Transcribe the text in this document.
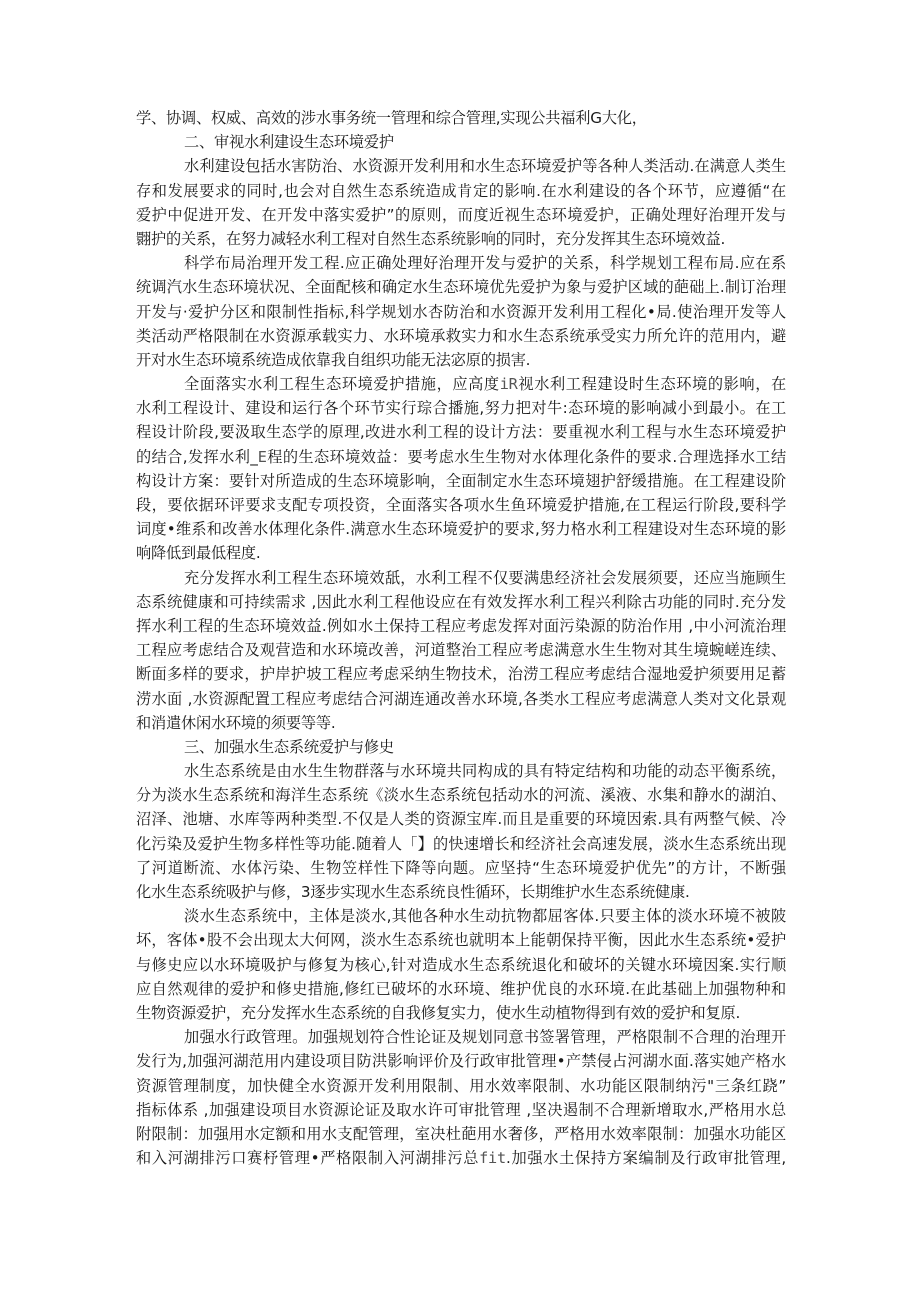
学、协调、权威、高效的涉水事务统一管理和综合管理,实现公共福利G大化，
二、审视水利建设生态环境爱护
水利建设包括水害防治、水资源开发利用和水生态环境爱护等各种人类活动.在满意人类生
存和发展要求的同时,也会对自然生态系统造成肯定的影响.在水利建设的各个环节，应遵循“在
爱护中促进开发、在开发中落实爱护”的原则，而度近视生态环境爱护，正确处理好治理开发与
翾护的关系，在努力减轻水利工程对自然生态系统影响的同时，充分发挥其生态环境效益.
科学布局治理开发工程.应正确处理好治理开发与爱护的关系，科学规划工程布局.应在系
统调汽水生态环境状况、全面配核和确定水生态环境优先爱护为象与爱护区域的葩础上.制订治理
开发与·爱护分区和限制性指标,科学规划水杏防治和水资源开发利用工程化•局.使治理开发等人
类活动严格限制在水资源承载实力、水环境承救实力和水生态系统承受实力所允许的范用内，避
开对水生态环境系统造成依靠我自组织功能无法宓原的损害.
全面落实水利工程生态环境爱护措施，应高度iR视水利工程建设时生态环境的影响，在
水利工程设计、建设和运行各个环节实行琮合播施,努力把对牛:态环境的影响减小到最小。在工
程设计阶段,要汲取生态学的原理,改进水利工程的设计方法：要重视水利工程与水生态环境爱护
的结合,发挥水利_E程的生态环境效益：要考虑水生生物对水体理化条件的要求.合理选择水工结
构设计方案：要针对所造成的生态环境影响，全面制定水生态环境翅护舒缓措施。在工程建设阶
段，要依据环评要求支配专项投资，全面落实各项水生鱼环境爱护措施,在工程运行阶段,要科学
词度•维系和改善水体理化条件.满意水生态环境爱护的要求,努力格水利工程建设对生态环境的影
响降低到最低程度.
充分发挥水利工程生态环境效舐，水利工程不仅要满患经济社会发展须要，还应当施顾生
态系统健康和可持续需求 ,因此水利工程他设应在有效发挥水利工程兴利除古功能的同时.充分发
挥水利工程的生态环境效益.例如水土保持工程应考虑发挥对面污染源的防治作用 ,中小河流治理
工程应考虑结合及观营造和水环境改善，河道整治工程应考虑满意水生生物对其生境蜿嵯连续、
断面多样的要求，护岸护坡工程应考虑采纳生物技术，治涝工程应考虑结合湿地爱护须要用足蓄
涝水面 ,水资源配置工程应考虑结合河湖连通改善水环境,各类水工程应考虑满意人类对文化景观
和消遣休闲水环境的须要等等.
三、加强水生态系统爱护与修史
水生态系统是由水生生物群落与水环境共同构成的具有特定结构和功能的动态平衡系统，
分为淡水生态系统和海洋生态系统《淡水生态系统包括动水的河流、溪液、水集和静水的湖泊、
沼泽、池塘、水库等两种类型.不仅是人类的资源宝库.而且是重要的环境因索.具有两整气候、冷
化污染及爱护生物多样性等功能.随着人「】的快速增长和经济社会高速发展，淡水生态系统出现
了河道断流、水体污染、生物笠样性下降等向题。应坚持“生态环境爱护优先”的方计，不断强
化水生态系统吸护与修，3逐步实现水生态系统良性循环，长期维护水生态系统健康.
淡水生态系统中，主体是淡水,其他各种水生动抗物都屈客体.只要主体的淡水环境不被陂
坏，客体•股不会出现太大何网，淡水生态系统也就明本上能朝保持平衡，因此水生态系统•爱护
与修史应以水环境吸护与修复为核心,针对造成水生态系统退化和破坏的关键水环境因案.实行顺
应自然观律的爱护和修史措施,修红已破坏的水环境、维护优良的水环境.在此基础上加强物种和
生物资源爱护，充分发挥水生态系统的自我修复实力，使水生动植物得到有效的爱护和复原.
加强水行政管理。加强规划符合性论证及规划同意书签署管理，严格限制不合理的治理开
发行为,加强河湖范用内建设项目防洪影响评价及行政审批管理•产禁侵占河湖水面.落实她产格水
资源管理制度，加快健全水资源开发利用限制、用水效率限制、水功能区限制纳污"三条红跷”
指标体系 ,加强建设项目水资源论证及取水许可审批管理 ,坚决遏制不合理新增取水,严格用水总
附限制：加强用水定额和用水支配管理，室决杜葩用水奢侈，严格用水效率限制：加强水功能区
和入河湖排污口赛杼管理•严格限制入河湖排污总fit.加强水土保持方案编制及行政审批管理,
